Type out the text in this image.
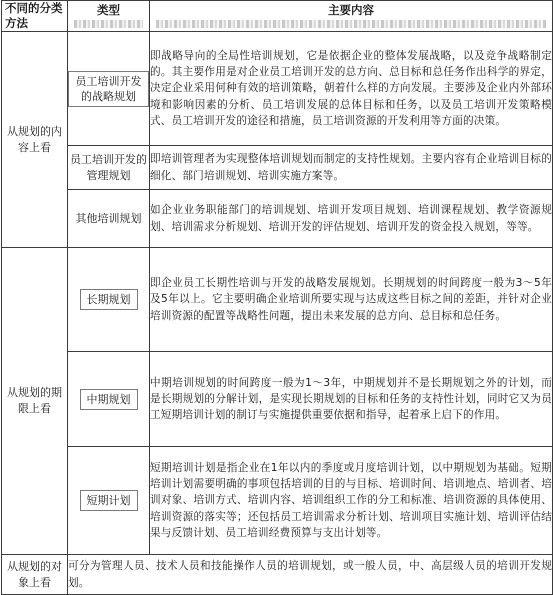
不同的分类方法	类型	主要内容

从规划的内容上看	员工培训开发的战略规划	即战略导向的全局性培训规划，它是依据企业的整体发展战略，以及竞争战略制定的。其主要作用是对企业员工培训开发的总方向、总目标和总任务作出科学的界定，决定企业采用何种有效的培训策略，朝着什么样的方向发展。主要涉及企业内外部环境和影响因素的分析、员工培训发展的总体目标和任务，以及员工培训开发策略模式、员工培训开发的途径和措施，员工培训资源的开发利用等方面的决策。

	员工培训开发的管理规划	即培训管理者为实现整体培训规划而制定的支持性规划。主要内容有企业培训目标的细化、部门培训规划、培训实施方案等。

	其他培训规划	如企业业务职能部门的培训规划、培训开发项目规划、培训课程规划、教学资源规划、培训需求分析规划、培训开发的评估规划、培训开发的资金投入规划，等等。

从规划的期限上看	长期规划	即企业员工长期性培训与开发的战略发展规划。长期规划的时间跨度一般为3～5年及5年以上。它主要明确企业培训所要实现与达成这些目标之间的差距，并针对企业培训资源的配置等战略性问题，提出未来发展的总方向、总目标和总任务。

	中期规划	中期培训规划的时间跨度一般为1～3年，中期规划并不是长期规划之外的计划，而是长期规划的分解计划，是实现长期规划的目标和任务的支持性计划，同时它又为员工短期培训计划的制订与实施提供重要依据和指导，起着承上启下的作用。

	短期计划	短期培训计划是指企业在1年以内的季度或月度培训计划，以中期规划为基础。短期培训计划需要明确的事项包括培训的目的与目标、培训时间、培训地点、培训者、培训对象、培训方式、培训内容、培训组织工作的分工和标准、培训资源的具体使用、培训资源的落实等；还包括员工培训需求分析计划、培训项目实施计划、培训评估结果与反馈计划、员工培训经费预算与支出计划等。

从规划的对象上看	可分为管理人员、技术人员和技能操作人员的培训规划，或一般人员，中、高层级人员的培训开发规划。	
